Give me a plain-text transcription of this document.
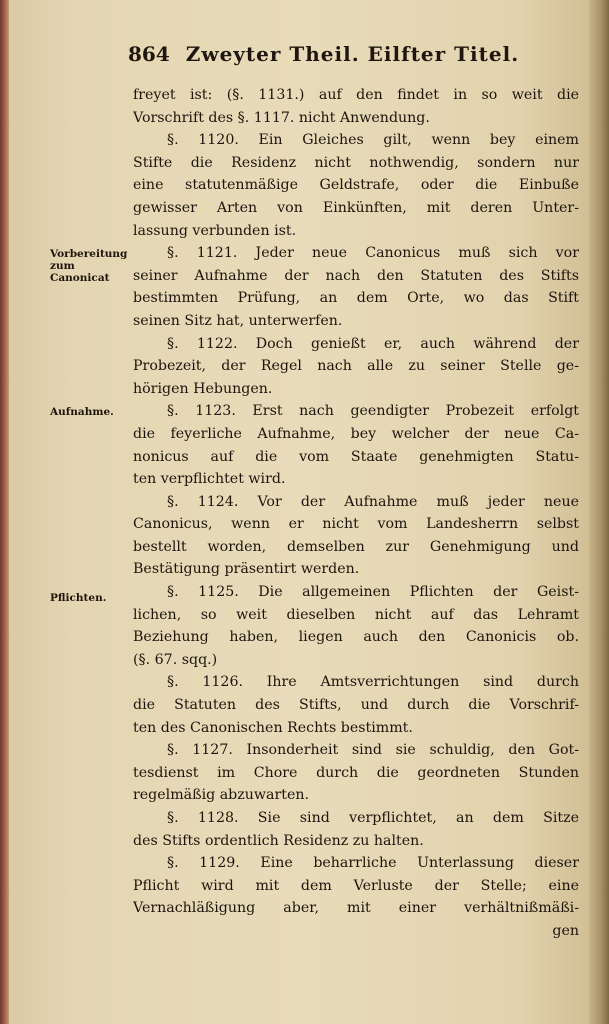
864 Zweyter Theil. Eilfter Titel.
Vorbereitung zum Canonicat
Aufnahme.
Pflichten.
freyet ist: (§. 1131.) auf den findet in so weit die
Vorschrift des §. 1117. nicht Anwendung.
§. 1120. Ein Gleiches gilt, wenn bey einem
Stifte die Residenz nicht nothwendig, sondern nur
eine statutenmäßige Geldstrafe, oder die Einbuße
gewisser Arten von Einkünften, mit deren Unter-
lassung verbunden ist.
§. 1121. Jeder neue Canonicus muß sich vor
seiner Aufnahme der nach den Statuten des Stifts
bestimmten Prüfung, an dem Orte, wo das Stift
seinen Sitz hat, unterwerfen.
§. 1122. Doch genießt er, auch während der
Probezeit, der Regel nach alle zu seiner Stelle ge-
hörigen Hebungen.
§. 1123. Erst nach geendigter Probezeit erfolgt
die feyerliche Aufnahme, bey welcher der neue Ca-
nonicus auf die vom Staate genehmigten Statu-
ten verpflichtet wird.
§. 1124. Vor der Aufnahme muß jeder neue
Canonicus, wenn er nicht vom Landesherrn selbst
bestellt worden, demselben zur Genehmigung und
Bestätigung präsentirt werden.
§. 1125. Die allgemeinen Pflichten der Geist-
lichen, so weit dieselben nicht auf das Lehramt
Beziehung haben, liegen auch den Canonicis ob.
(§. 67. sqq.)
§. 1126. Ihre Amtsverrichtungen sind durch
die Statuten des Stifts, und durch die Vorschrif-
ten des Canonischen Rechts bestimmt.
§. 1127. Insonderheit sind sie schuldig, den Got-
tesdienst im Chore durch die geordneten Stunden
regelmäßig abzuwarten.
§. 1128. Sie sind verpflichtet, an dem Sitze
des Stifts ordentlich Residenz zu halten.
§. 1129. Eine beharrliche Unterlassung dieser
Pflicht wird mit dem Verluste der Stelle; eine
Vernachläßigung aber, mit einer verhältnißmäßi-
gen
